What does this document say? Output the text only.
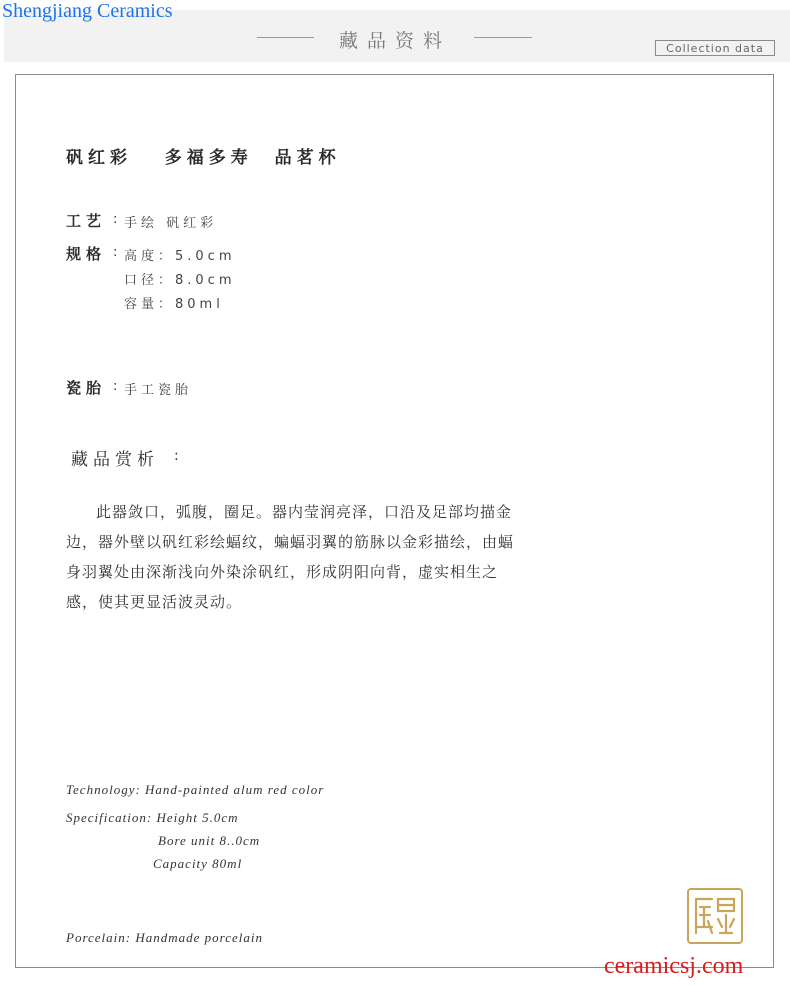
藏品资料	Collection data
Shengjiang Ceramics
矾红彩   多福多寿  品茗杯
工艺 : 手绘 矾红彩
规格 : 高度：5.0cm
口径：8.0cm
容量：80ml
瓷胎 : 手工瓷胎
藏品赏析 :
此器敛口，弧腹，圈足。器内莹润亮泽，口沿及足部均描金边，器外壁以矾红彩绘蝠纹，蝙蝠羽翼的筋脉以金彩描绘，由蝠身羽翼处由深渐浅向外染涂矾红，形成阴阳向背，虚实相生之感，使其更显活波灵动。
Technology: Hand-painted alum red color
Specification: Height 5.0cm
Bore unit 8..0cm
Capacity 80ml
Porcelain: Handmade porcelain
ceramicsj.com
